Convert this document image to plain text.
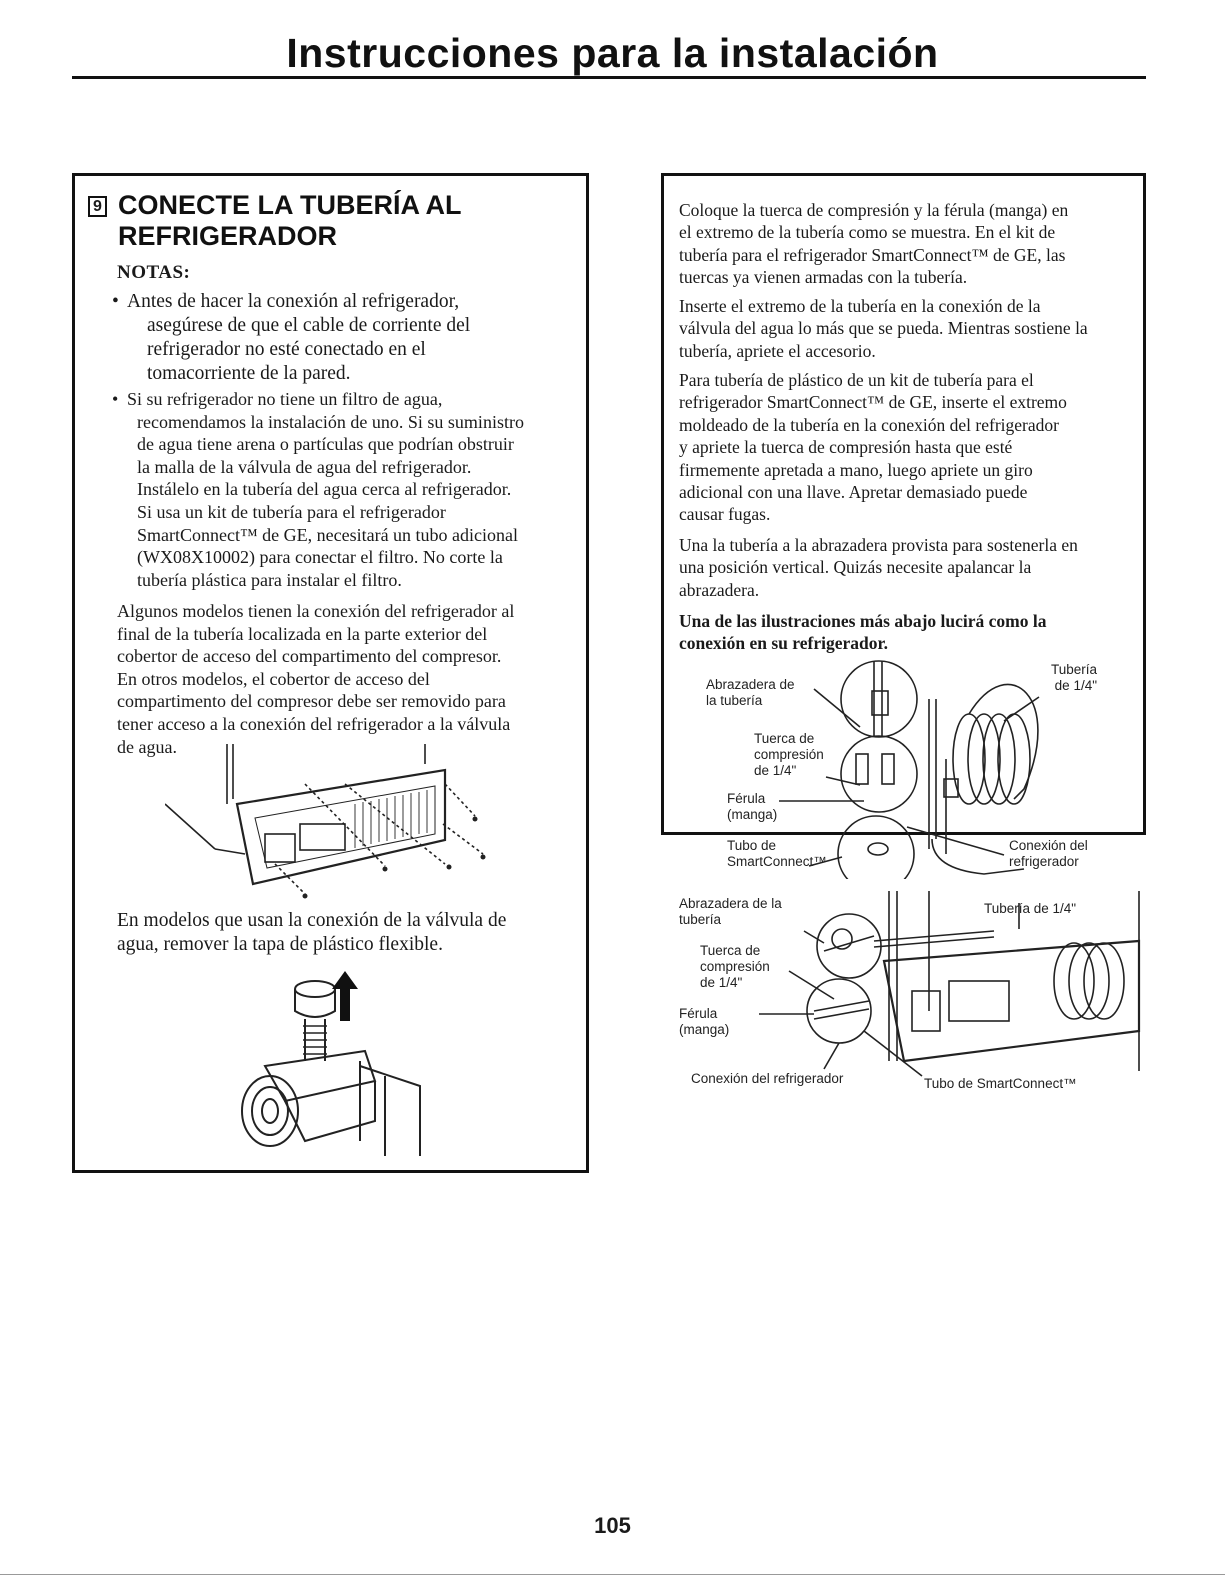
Instrucciones para la instalación
9 CONECTE LA TUBERÍA AL
REFRIGERADOR
NOTAS:
• Antes de hacer la conexión al refrigerador,
asegúrese de que el cable de corriente del
refrigerador no esté conectado en el
tomacorriente de la pared.
• Si su refrigerador no tiene un filtro de agua,
recomendamos la instalación de uno. Si su suministro
de agua tiene arena o partículas que podrían obstruir
la malla de la válvula de agua del refrigerador.
Instálelo en la tubería del agua cerca al refrigerador.
Si usa un kit de tubería para el refrigerador
SmartConnect™ de GE, necesitará un tubo adicional
(WX08X10002) para conectar el filtro. No corte la
tubería plástica para instalar el filtro.
Algunos modelos tienen la conexión del refrigerador al
final de la tubería localizada en la parte exterior del
cobertor de acceso del compartimento del compresor.
En otros modelos, el cobertor de acceso del
compartimento del compresor debe ser removido para
tener acceso a la conexión del refrigerador a la válvula
de agua.
En modelos que usan la conexión de la válvula de
agua, remover la tapa de plástico flexible.
Coloque la tuerca de compresión y la férula (manga) en
el extremo de la tubería como se muestra. En el kit de
tubería para el refrigerador SmartConnect™ de GE, las
tuercas ya vienen armadas con la tubería.
Inserte el extremo de la tubería en la conexión de la
válvula del agua lo más que se pueda. Mientras sostiene la
tubería, apriete el accesorio.
Para tubería de plástico de un kit de tubería para el
refrigerador SmartConnect™ de GE, inserte el extremo
moldeado de la tubería en la conexión del refrigerador
y apriete la tuerca de compresión hasta que esté
firmemente apretada a mano, luego apriete un giro
adicional con una llave. Apretar demasiado puede
causar fugas.
Una la tubería a la abrazadera provista para sostenerla en
una posición vertical. Quizás necesite apalancar la
abrazadera.
Una de las ilustraciones más abajo lucirá como la
conexión en su refrigerador.
Tubería
de 1/4"
Abrazadera de
la tubería
Tuerca de
compresión
de 1/4"
Férula
(manga)
Tubo de
SmartConnect™
Conexión del
refrigerador
Abrazadera de la
tubería
Tubería de 1/4"
Tuerca de
compresión
de 1/4"
Férula
(manga)
Conexión del refrigerador	Tubo de SmartConnect™
105
